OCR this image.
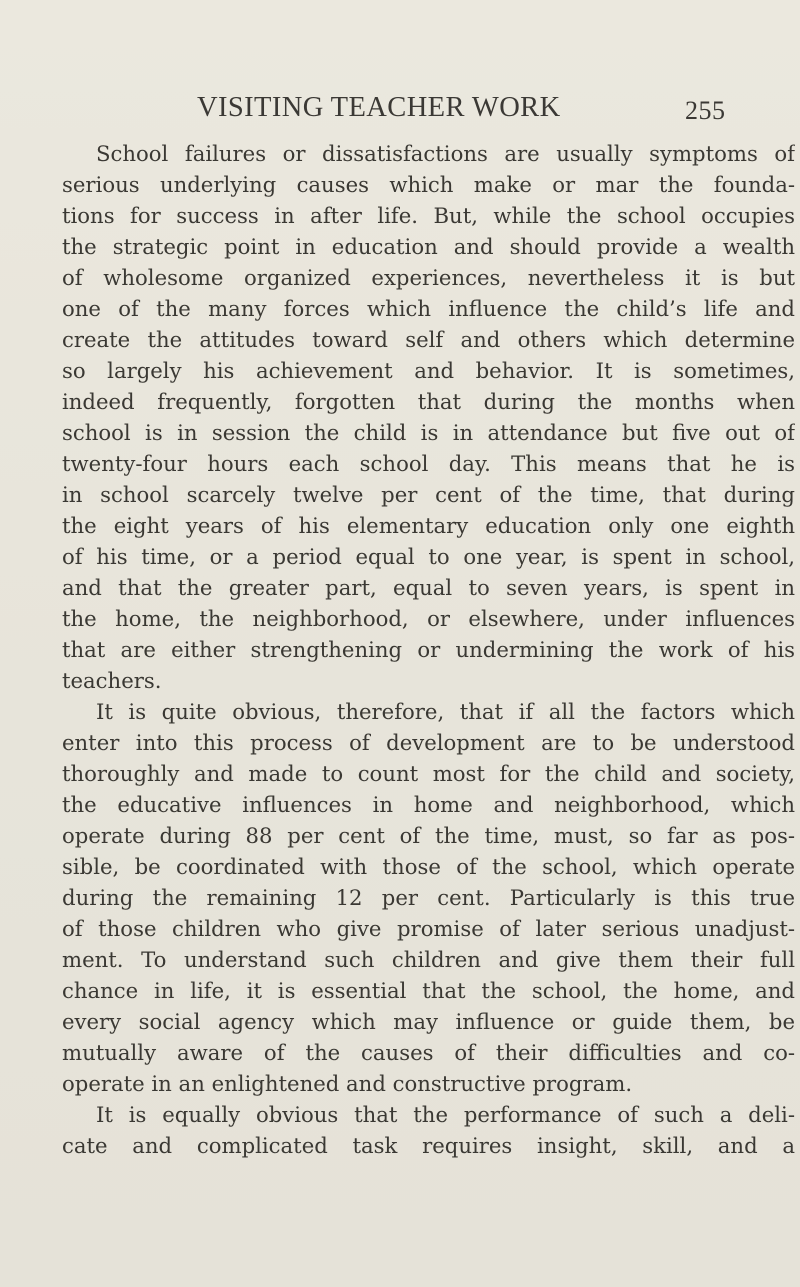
VISITING TEACHER WORK	255
School failures or dissatisfactions are usually symptoms of
serious underlying causes which make or mar the founda-
tions for success in after life. But, while the school occupies
the strategic point in education and should provide a wealth
of wholesome organized experiences, nevertheless it is but
one of the many forces which influence the child’s life and
create the attitudes toward self and others which determine
so largely his achievement and behavior. It is sometimes,
indeed frequently, forgotten that during the months when
school is in session the child is in attendance but five out of
twenty-four hours each school day. This means that he is
in school scarcely twelve per cent of the time, that during
the eight years of his elementary education only one eighth
of his time, or a period equal to one year, is spent in school,
and that the greater part, equal to seven years, is spent in
the home, the neighborhood, or elsewhere, under influences
that are either strengthening or undermining the work of his
teachers.
It is quite obvious, therefore, that if all the factors which
enter into this process of development are to be understood
thoroughly and made to count most for the child and society,
the educative influences in home and neighborhood, which
operate during 88 per cent of the time, must, so far as pos-
sible, be coordinated with those of the school, which operate
during the remaining 12 per cent. Particularly is this true
of those children who give promise of later serious unadjust-
ment. To understand such children and give them their full
chance in life, it is essential that the school, the home, and
every social agency which may influence or guide them, be
mutually aware of the causes of their difficulties and co-
operate in an enlightened and constructive program.
It is equally obvious that the performance of such a deli-
cate and complicated task requires insight, skill, and a
